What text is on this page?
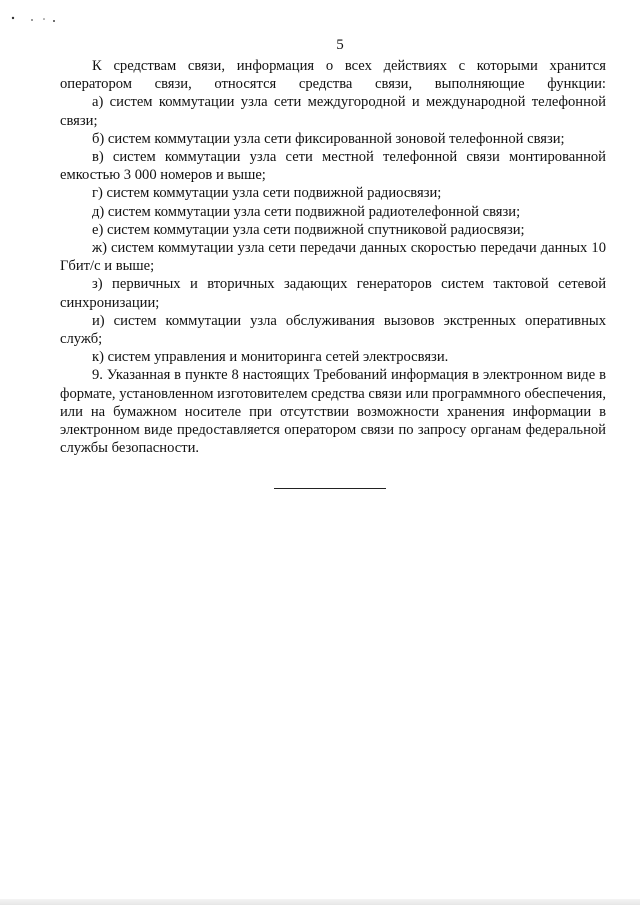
5

К средствам связи, информация о всех действиях с которыми хранится оператором связи, относятся средства связи, выполняющие функции:

а) систем коммутации узла сети междугородной и международной телефонной связи;

б) систем коммутации узла сети фиксированной зоновой телефонной связи;

в) систем коммутации узла сети местной телефонной связи монтированной емкостью 3 000 номеров и выше;

г) систем коммутации узла сети подвижной радиосвязи;

д) систем коммутации узла сети подвижной радиотелефонной связи;

е) систем коммутации узла сети подвижной спутниковой радиосвязи;

ж) систем коммутации узла сети передачи данных скоростью передачи данных 10 Гбит/с и выше;

з) первичных и вторичных задающих генераторов систем тактовой сетевой синхронизации;

и) систем коммутации узла обслуживания вызовов экстренных оперативных служб;

к) систем управления и мониторинга сетей электросвязи.

9. Указанная в пункте 8 настоящих Требований информация в электронном виде в формате, установленном изготовителем средства связи или программного обеспечения, или на бумажном носителе при отсутствии возможности хранения информации в электронном виде предоставляется оператором связи по запросу органам федеральной службы безопасности.
